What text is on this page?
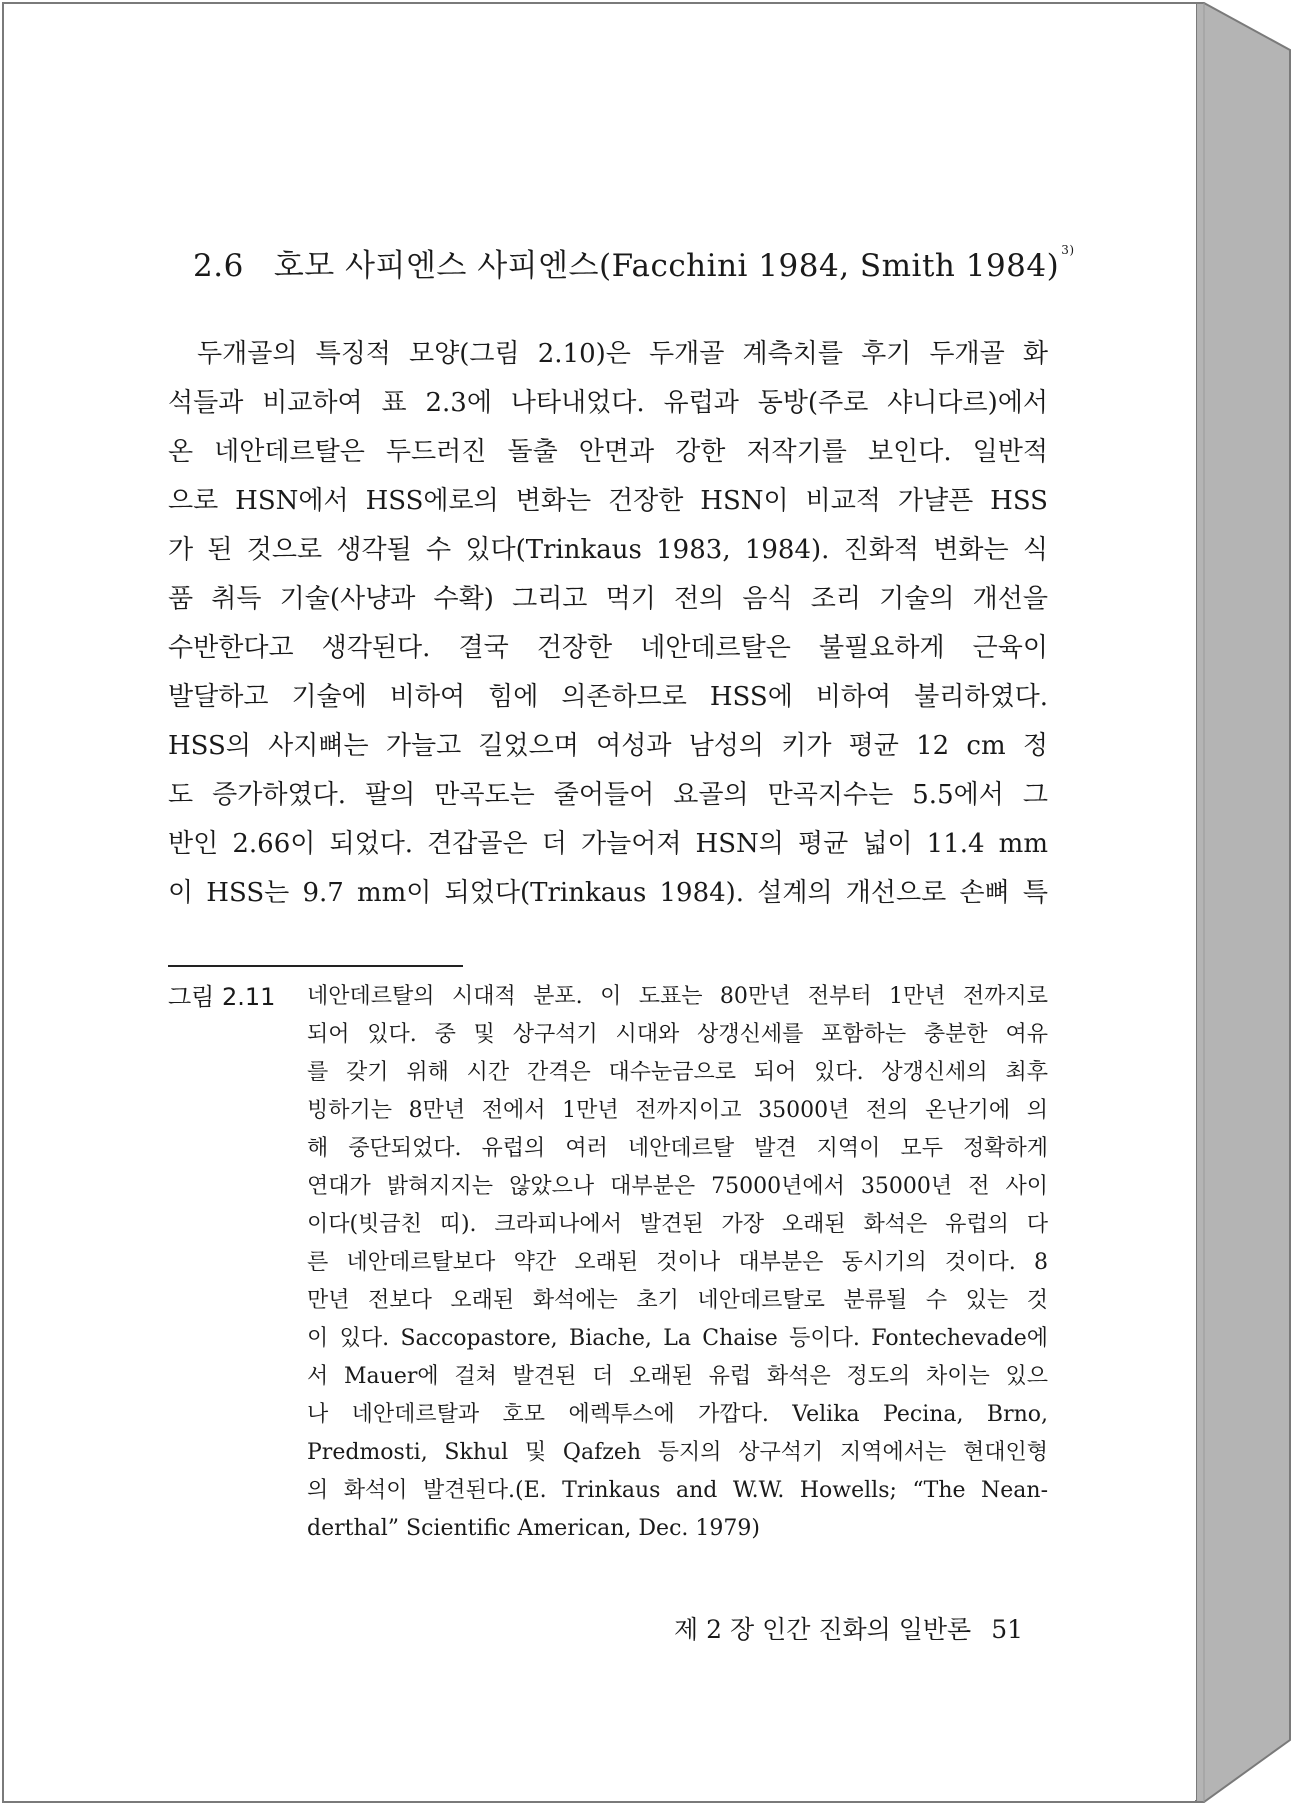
2.6 호모 사피엔스 사피엔스(Facchini 1984, Smith 1984) $^{3)}$
두개골의 특징적 모양(그림 2.10)은 두개골 계측치를 후기 두개골 화
석들과 비교하여 표 2.3에 나타내었다. 유럽과 동방(주로 샤니다르)에서
온 네안데르탈은 두드러진 돌출 안면과 강한 저작기를 보인다. 일반적
으로 HSN에서 HSS에로의 변화는 건장한 HSN이 비교적 가냘픈 HSS
가 된 것으로 생각될 수 있다(Trinkaus 1983, 1984). 진화적 변화는 식
품 취득 기술(사냥과 수확) 그리고 먹기 전의 음식 조리 기술의 개선을
수반한다고 생각된다. 결국 건장한 네안데르탈은 불필요하게 근육이
발달하고 기술에 비하여 힘에 의존하므로 HSS에 비하여 불리하였다.
HSS의 사지뼈는 가늘고 길었으며 여성과 남성의 키가 평균 12 cm 정
도 증가하였다. 팔의 만곡도는 줄어들어 요골의 만곡지수는 5.5에서 그
반인 2.66이 되었다. 견갑골은 더 가늘어져 HSN의 평균 넓이 11.4 mm
이 HSS는 9.7 mm이 되었다(Trinkaus 1984). 설계의 개선으로 손뼈 특
그림 2.11 네안데르탈의 시대적 분포. 이 도표는 80만년 전부터 1만년 전까지로
되어 있다. 중 및 상구석기 시대와 상갱신세를 포함하는 충분한 여유
를 갖기 위해 시간 간격은 대수눈금으로 되어 있다. 상갱신세의 최후
빙하기는 8만년 전에서 1만년 전까지이고 35000년 전의 온난기에 의
해 중단되었다. 유럽의 여러 네안데르탈 발견 지역이 모두 정확하게
연대가 밝혀지지는 않았으나 대부분은 75000년에서 35000년 전 사이
이다(빗금친 띠). 크라피나에서 발견된 가장 오래된 화석은 유럽의 다
른 네안데르탈보다 약간 오래된 것이나 대부분은 동시기의 것이다. 8
만년 전보다 오래된 화석에는 초기 네안데르탈로 분류될 수 있는 것
이 있다. Saccopastore, Biache, La Chaise 등이다. Fontechevade에
서 Mauer에 걸쳐 발견된 더 오래된 유럽 화석은 정도의 차이는 있으
나 네안데르탈과 호모 에렉투스에 가깝다. Velika Pecina, Brno,
Predmosti, Skhul 및 Qafzeh 등지의 상구석기 지역에서는 현대인형
의 화석이 발견된다.(E. Trinkaus and W.W. Howells; “The Nean-
derthal” Scientific American, Dec. 1979)
제 2 장 인간 진화의 일반론 51
